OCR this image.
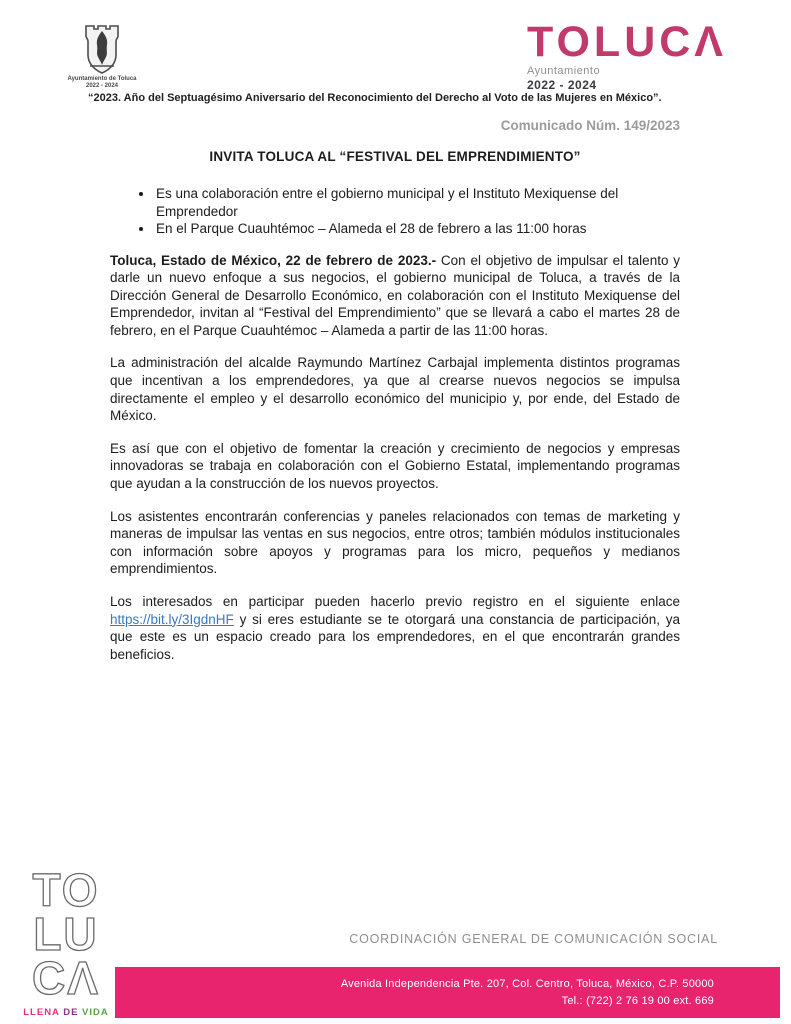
Ayuntamiento de Toluca
2022 - 2024
TOLUCΛ
Ayuntamiento
2022 - 2024
“2023. Año del Septuagésimo Aniversario del Reconocimiento del Derecho al Voto de las Mujeres en México”.
Comunicado Núm. 149/2023
INVITA TOLUCA AL “FESTIVAL DEL EMPRENDIMIENTO”
• Es una colaboración entre el gobierno municipal y el Instituto Mexiquense del Emprendedor
• En el Parque Cuauhtémoc – Alameda el 28 de febrero a las 11:00 horas

Toluca, Estado de México, 22 de febrero de 2023.- Con el objetivo de impulsar el talento y darle un nuevo enfoque a sus negocios, el gobierno municipal de Toluca, a través de la Dirección General de Desarrollo Económico, en colaboración con el Instituto Mexiquense del Emprendedor, invitan al “Festival del Emprendimiento” que se llevará a cabo el martes 28 de febrero, en el Parque Cuauhtémoc – Alameda a partir de las 11:00 horas.

La administración del alcalde Raymundo Martínez Carbajal implementa distintos programas que incentivan a los emprendedores, ya que al crearse nuevos negocios se impulsa directamente el empleo y el desarrollo económico del municipio y, por ende, del Estado de México.

Es así que con el objetivo de fomentar la creación y crecimiento de negocios y empresas innovadoras se trabaja en colaboración con el Gobierno Estatal, implementando programas que ayudan a la construcción de los nuevos proyectos.

Los asistentes encontrarán conferencias y paneles relacionados con temas de marketing y maneras de impulsar las ventas en sus negocios, entre otros; también módulos institucionales con información sobre apoyos y programas para los micro, pequeños y medianos emprendimientos.

Los interesados en participar pueden hacerlo previo registro en el siguiente enlace https://bit.ly/3IgdnHF y si eres estudiante se te otorgará una constancia de participación, ya que este es un espacio creado para los emprendedores, en el que encontrarán grandes beneficios.

TO
LU
CΛ
LLENA DE VIDA
COORDINACIÓN GENERAL DE COMUNICACIÓN SOCIAL
Avenida Independencia Pte. 207, Col. Centro, Toluca, México, C.P. 50000
Tel.: (722) 2 76 19 00 ext. 669
